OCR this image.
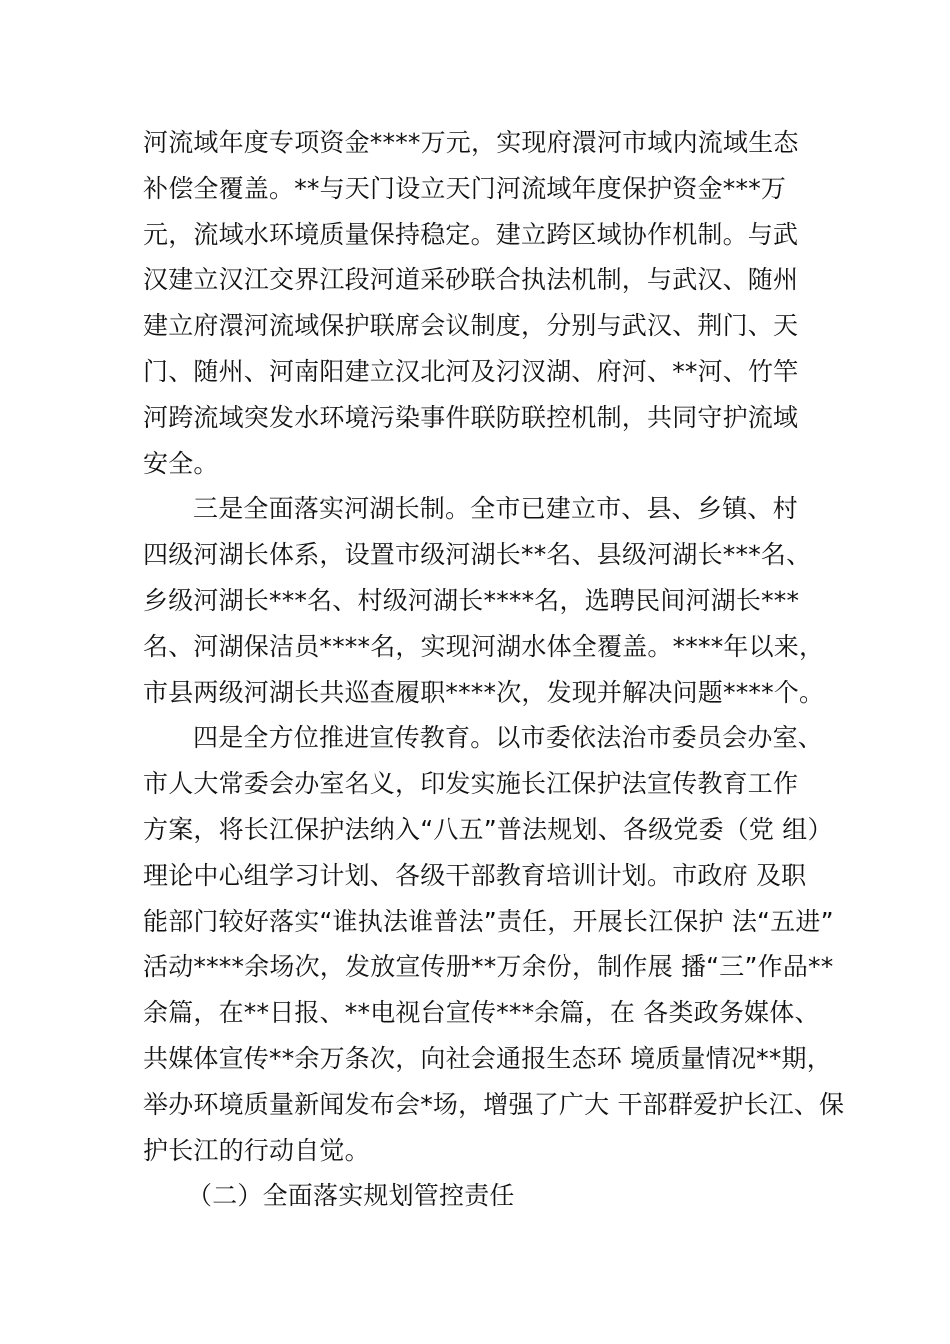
河流域年度专项资金****万元，实现府澴河市域内流域生态
补偿全覆盖。**与天门设立天门河流域年度保护资金***万
元，流域水环境质量保持稳定。建立跨区域协作机制。与武
汉建立汉江交界江段河道采砂联合执法机制，与武汉、随州
建立府澴河流域保护联席会议制度，分别与武汉、荆门、天
门、随州、河南阳建立汉北河及汈汊湖、府河、**河、竹竿
河跨流域突发水环境污染事件联防联控机制，共同守护流域
安全。
三是全面落实河湖长制。全市已建立市、县、乡镇、村
四级河湖长体系，设置市级河湖长**名、县级河湖长***名、
乡级河湖长***名、村级河湖长****名，选聘民间河湖长***
名、河湖保洁员****名，实现河湖水体全覆盖。****年以来，
市县两级河湖长共巡查履职****次，发现并解决问题****个。
四是全方位推进宣传教育。以市委依法治市委员会办室、
市人大常委会办室名义，印发实施长江保护法宣传教育工作
方案，将长江保护法纳入“八五”普法规划、各级党委（党 组）
理论中心组学习计划、各级干部教育培训计划。市政府 及职
能部门较好落实“谁执法谁普法”责任，开展长江保护 法“五进”
活动****余场次，发放宣传册**万余份，制作展 播“三”作品**
余篇，在**日报、**电视台宣传***余篇，在 各类政务媒体、
共媒体宣传**余万条次，向社会通报生态环 境质量情况**期，
举办环境质量新闻发布会*场，增强了广大 干部群爱护长江、保
护长江的行动自觉。
（二）全面落实规划管控责任
